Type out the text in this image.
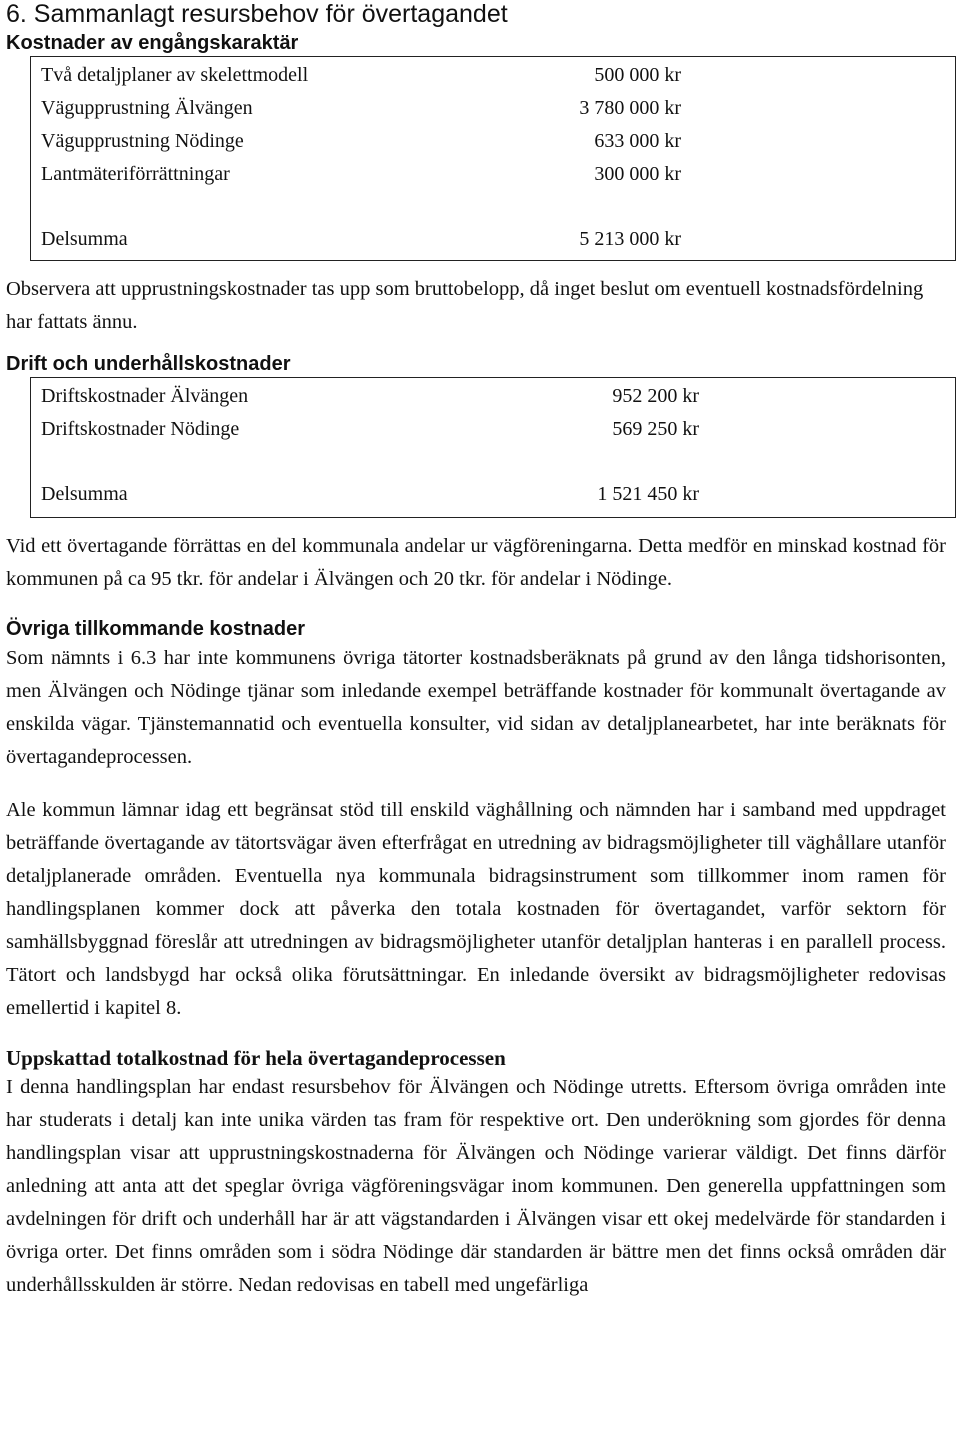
6. Sammanlagt resursbehov för övertagandet
Kostnader av engångskaraktär
Två detaljplaner av skelettmodell	500 000 kr
Vägupprustning Älvängen	3 780 000 kr
Vägupprustning Nödinge	633 000 kr
Lantmäteriförrättningar	300 000 kr
Delsumma	5 213 000 kr

Observera att upprustningskostnader tas upp som bruttobelopp, då inget beslut om eventuell kostnadsfördelning har fattats ännu.

Drift och underhållskostnader
Driftskostnader Älvängen	952 200 kr
Driftskostnader Nödinge	569 250 kr
Delsumma	1 521 450 kr

Vid ett övertagande förrättas en del kommunala andelar ur vägföreningarna. Detta medför en minskad kostnad för kommunen på ca 95 tkr. för andelar i Älvängen och 20 tkr. för andelar i Nödinge.

Övriga tillkommande kostnader

Som nämnts i 6.3 har inte kommunens övriga tätorter kostnadsberäknats på grund av den långa tidshorisonten, men Älvängen och Nödinge tjänar som inledande exempel beträffande kostnader för kommunalt övertagande av enskilda vägar. Tjänstemannatid och eventuella konsulter, vid sidan av detaljplanearbetet, har inte beräknats för övertagandeprocessen.

Ale kommun lämnar idag ett begränsat stöd till enskild väghållning och nämnden har i samband med uppdraget beträffande övertagande av tätortsvägar även efterfrågat en utredning av bidragsmöjligheter till väghållare utanför detaljplanerade områden. Eventuella nya kommunala bidragsinstrument som tillkommer inom ramen för handlingsplanen kommer dock att påverka den totala kostnaden för övertagandet, varför sektorn för samhällsbyggnad föreslår att utredningen av bidragsmöjligheter utanför detaljplan hanteras i en parallell process. Tätort och landsbygd har också olika förutsättningar. En inledande översikt av bidragsmöjligheter redovisas emellertid i kapitel 8.

Uppskattad totalkostnad för hela övertagandeprocessen

I denna handlingsplan har endast resursbehov för Älvängen och Nödinge utretts. Eftersom övriga områden inte har studerats i detalj kan inte unika värden tas fram för respektive ort. Den underökning som gjordes för denna handlingsplan visar att upprustningskostnaderna för Älvängen och Nödinge varierar väldigt. Det finns därför anledning att anta att det speglar övriga vägföreningsvägar inom kommunen. Den generella uppfattningen som avdelningen för drift och underhåll har är att vägstandarden i Älvängen visar ett okej medelvärde för standarden i övriga orter. Det finns områden som i södra Nödinge där standarden är bättre men det finns också områden där underhållsskulden är större. Nedan redovisas en tabell med ungefärliga
